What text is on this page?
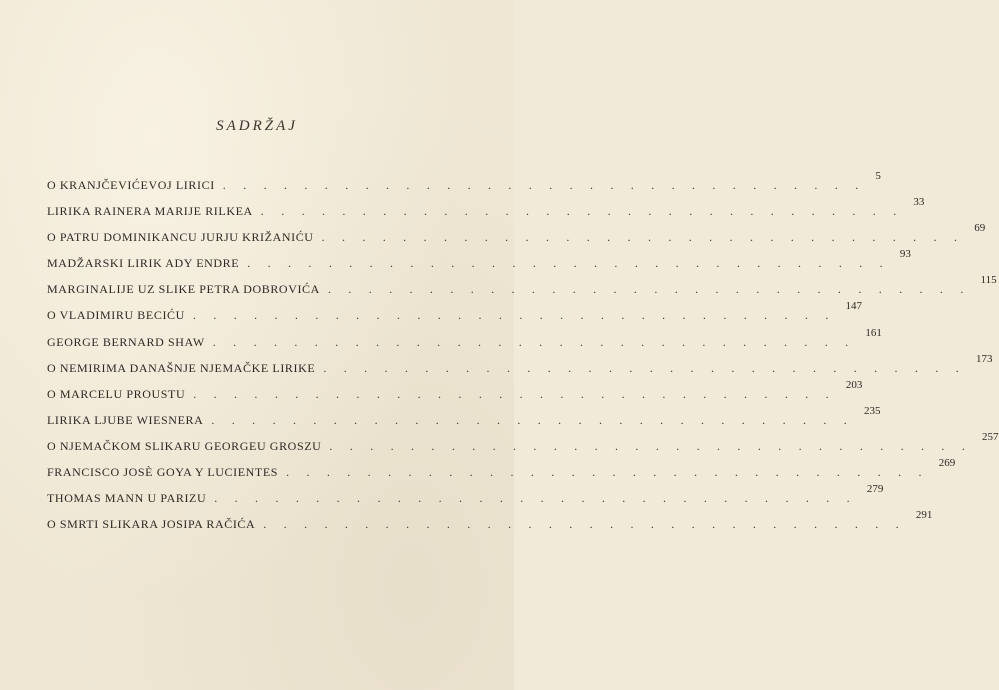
SADRŽAJ
O KRANJČEVIĆEVOJ LIRICI . . . . . . . . . . . . . . . . . . . . . . . . . . . . . . . .
5
LIRIKA RAINERA MARIJE RILKEA . . . . . . . . . . . . . . . . . . . . . . . . . . . . . . . .
33
O PATRU DOMINIKANCU JURJU KRIŽANIĆU . . . . . . . . . . . . . . . . . . . . . . . . . . . . . . . .
69
MADŽARSKI LIRIK ADY ENDRE . . . . . . . . . . . . . . . . . . . . . . . . . . . . . . . .
93
MARGINALIJE UZ SLIKE PETRA DOBROVIĆA . . . . . . . . . . . . . . . . . . . . . . . . . . . . . . . .
115
O VLADIMIRU BECIĆU . . . . . . . . . . . . . . . . . . . . . . . . . . . . . . . .
147
GEORGE BERNARD SHAW . . . . . . . . . . . . . . . . . . . . . . . . . . . . . . . .
161
O NEMIRIMA DANAŠNJE NJEMAČKE LIRIKE . . . . . . . . . . . . . . . . . . . . . . . . . . . . . . . .
173
O MARCELU PROUSTU . . . . . . . . . . . . . . . . . . . . . . . . . . . . . . . .
203
LIRIKA LJUBE WIESNERA . . . . . . . . . . . . . . . . . . . . . . . . . . . . . . . .
235
O NJEMAČKOM SLIKARU GEORGEU GROSZU . . . . . . . . . . . . . . . . . . . . . . . . . . . . . . . .
257
FRANCISCO JOSÈ GOYA Y LUCIENTES . . . . . . . . . . . . . . . . . . . . . . . . . . . . . . . .
269
THOMAS MANN U PARIZU . . . . . . . . . . . . . . . . . . . . . . . . . . . . . . . .
279
O SMRTI SLIKARA JOSIPA RAČIĆA . . . . . . . . . . . . . . . . . . . . . . . . . . . . . . . .
291
